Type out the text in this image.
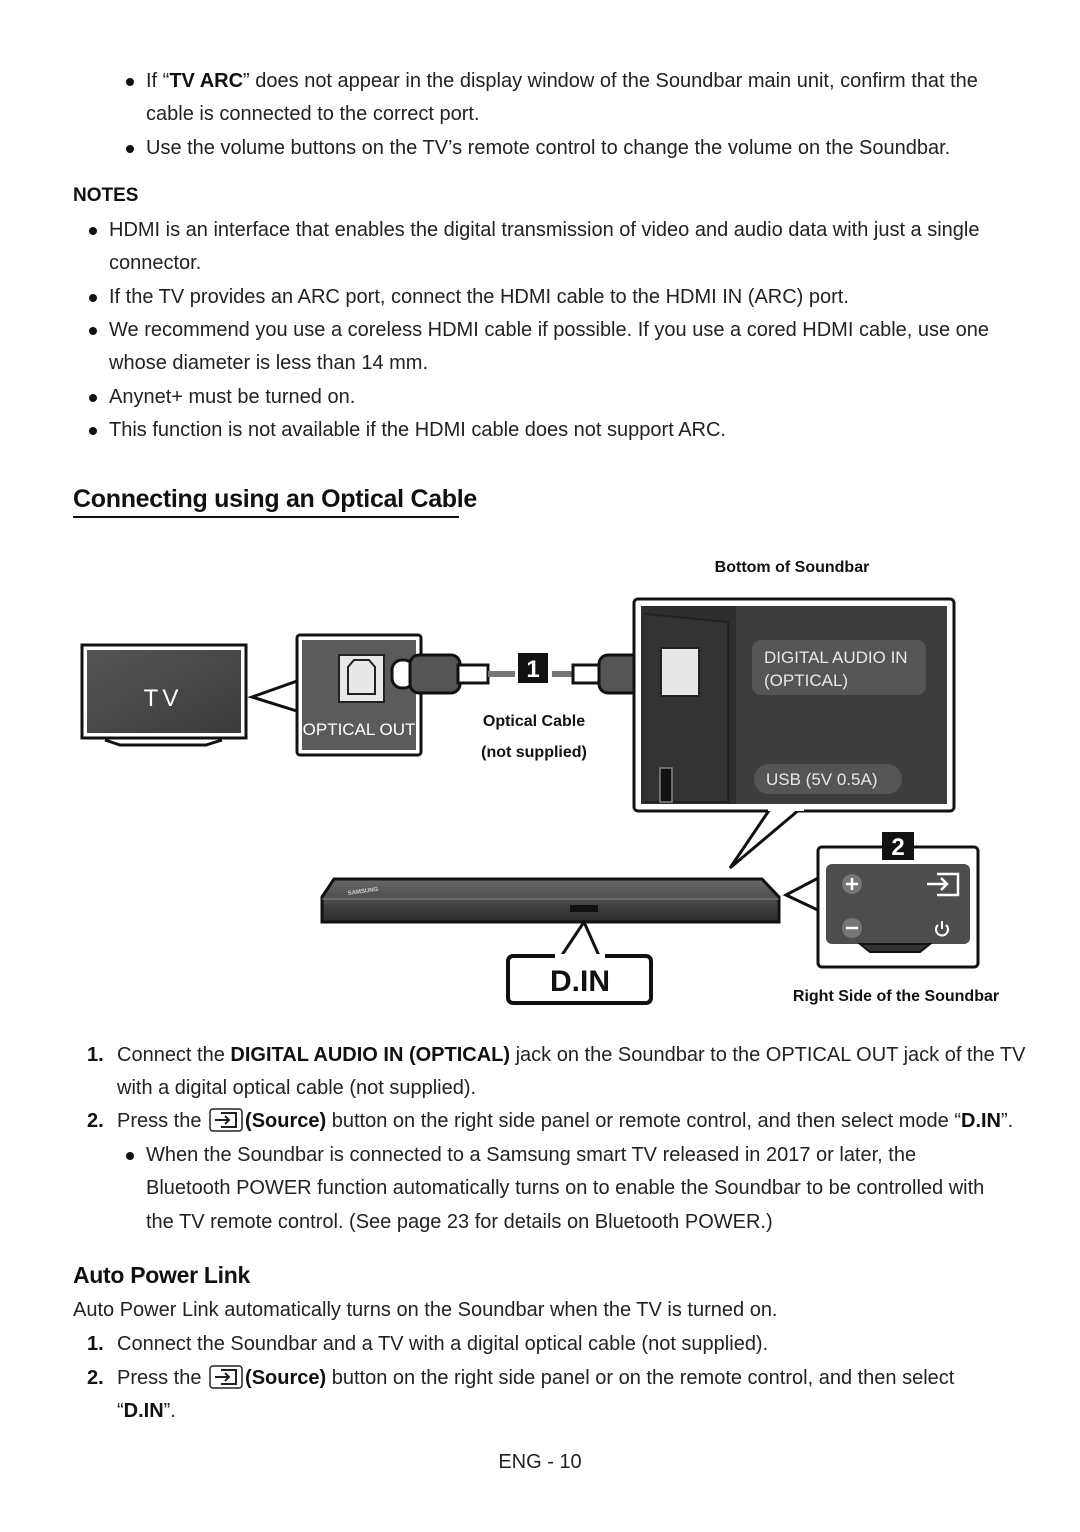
If “TV ARC” does not appear in the display window of the Soundbar main unit, confirm that the
cable is connected to the correct port.
Use the volume buttons on the TV’s remote control to change the volume on the Soundbar.
NOTES
HDMI is an interface that enables the digital transmission of video and audio data with just a single
connector.
If the TV provides an ARC port, connect the HDMI cable to the HDMI IN (ARC) port.
We recommend you use a coreless HDMI cable if possible. If you use a cored HDMI cable, use one
whose diameter is less than 14 mm.
Anynet+ must be turned on.
This function is not available if the HDMI cable does not support ARC.
Connecting using an Optical Cable
Bottom of Soundbar
TV
OPTICAL OUT
1
Optical Cable
(not supplied)
DIGITAL AUDIO IN
(OPTICAL)
USB (5V 0.5A)
SAMSUNG
D.IN
2
Right Side of the Soundbar
1. Connect the DIGITAL AUDIO IN (OPTICAL) jack on the Soundbar to the OPTICAL OUT jack of the TV
with a digital optical cable (not supplied).
2. Press the (Source) button on the right side panel or remote control, and then select mode “D.IN”.
When the Soundbar is connected to a Samsung smart TV released in 2017 or later, the
Bluetooth POWER function automatically turns on to enable the Soundbar to be controlled with
the TV remote control. (See page 23 for details on Bluetooth POWER.)
Auto Power Link
Auto Power Link automatically turns on the Soundbar when the TV is turned on.
1. Connect the Soundbar and a TV with a digital optical cable (not supplied).
2. Press the (Source) button on the right side panel or on the remote control, and then select
“D.IN”.
ENG - 10
